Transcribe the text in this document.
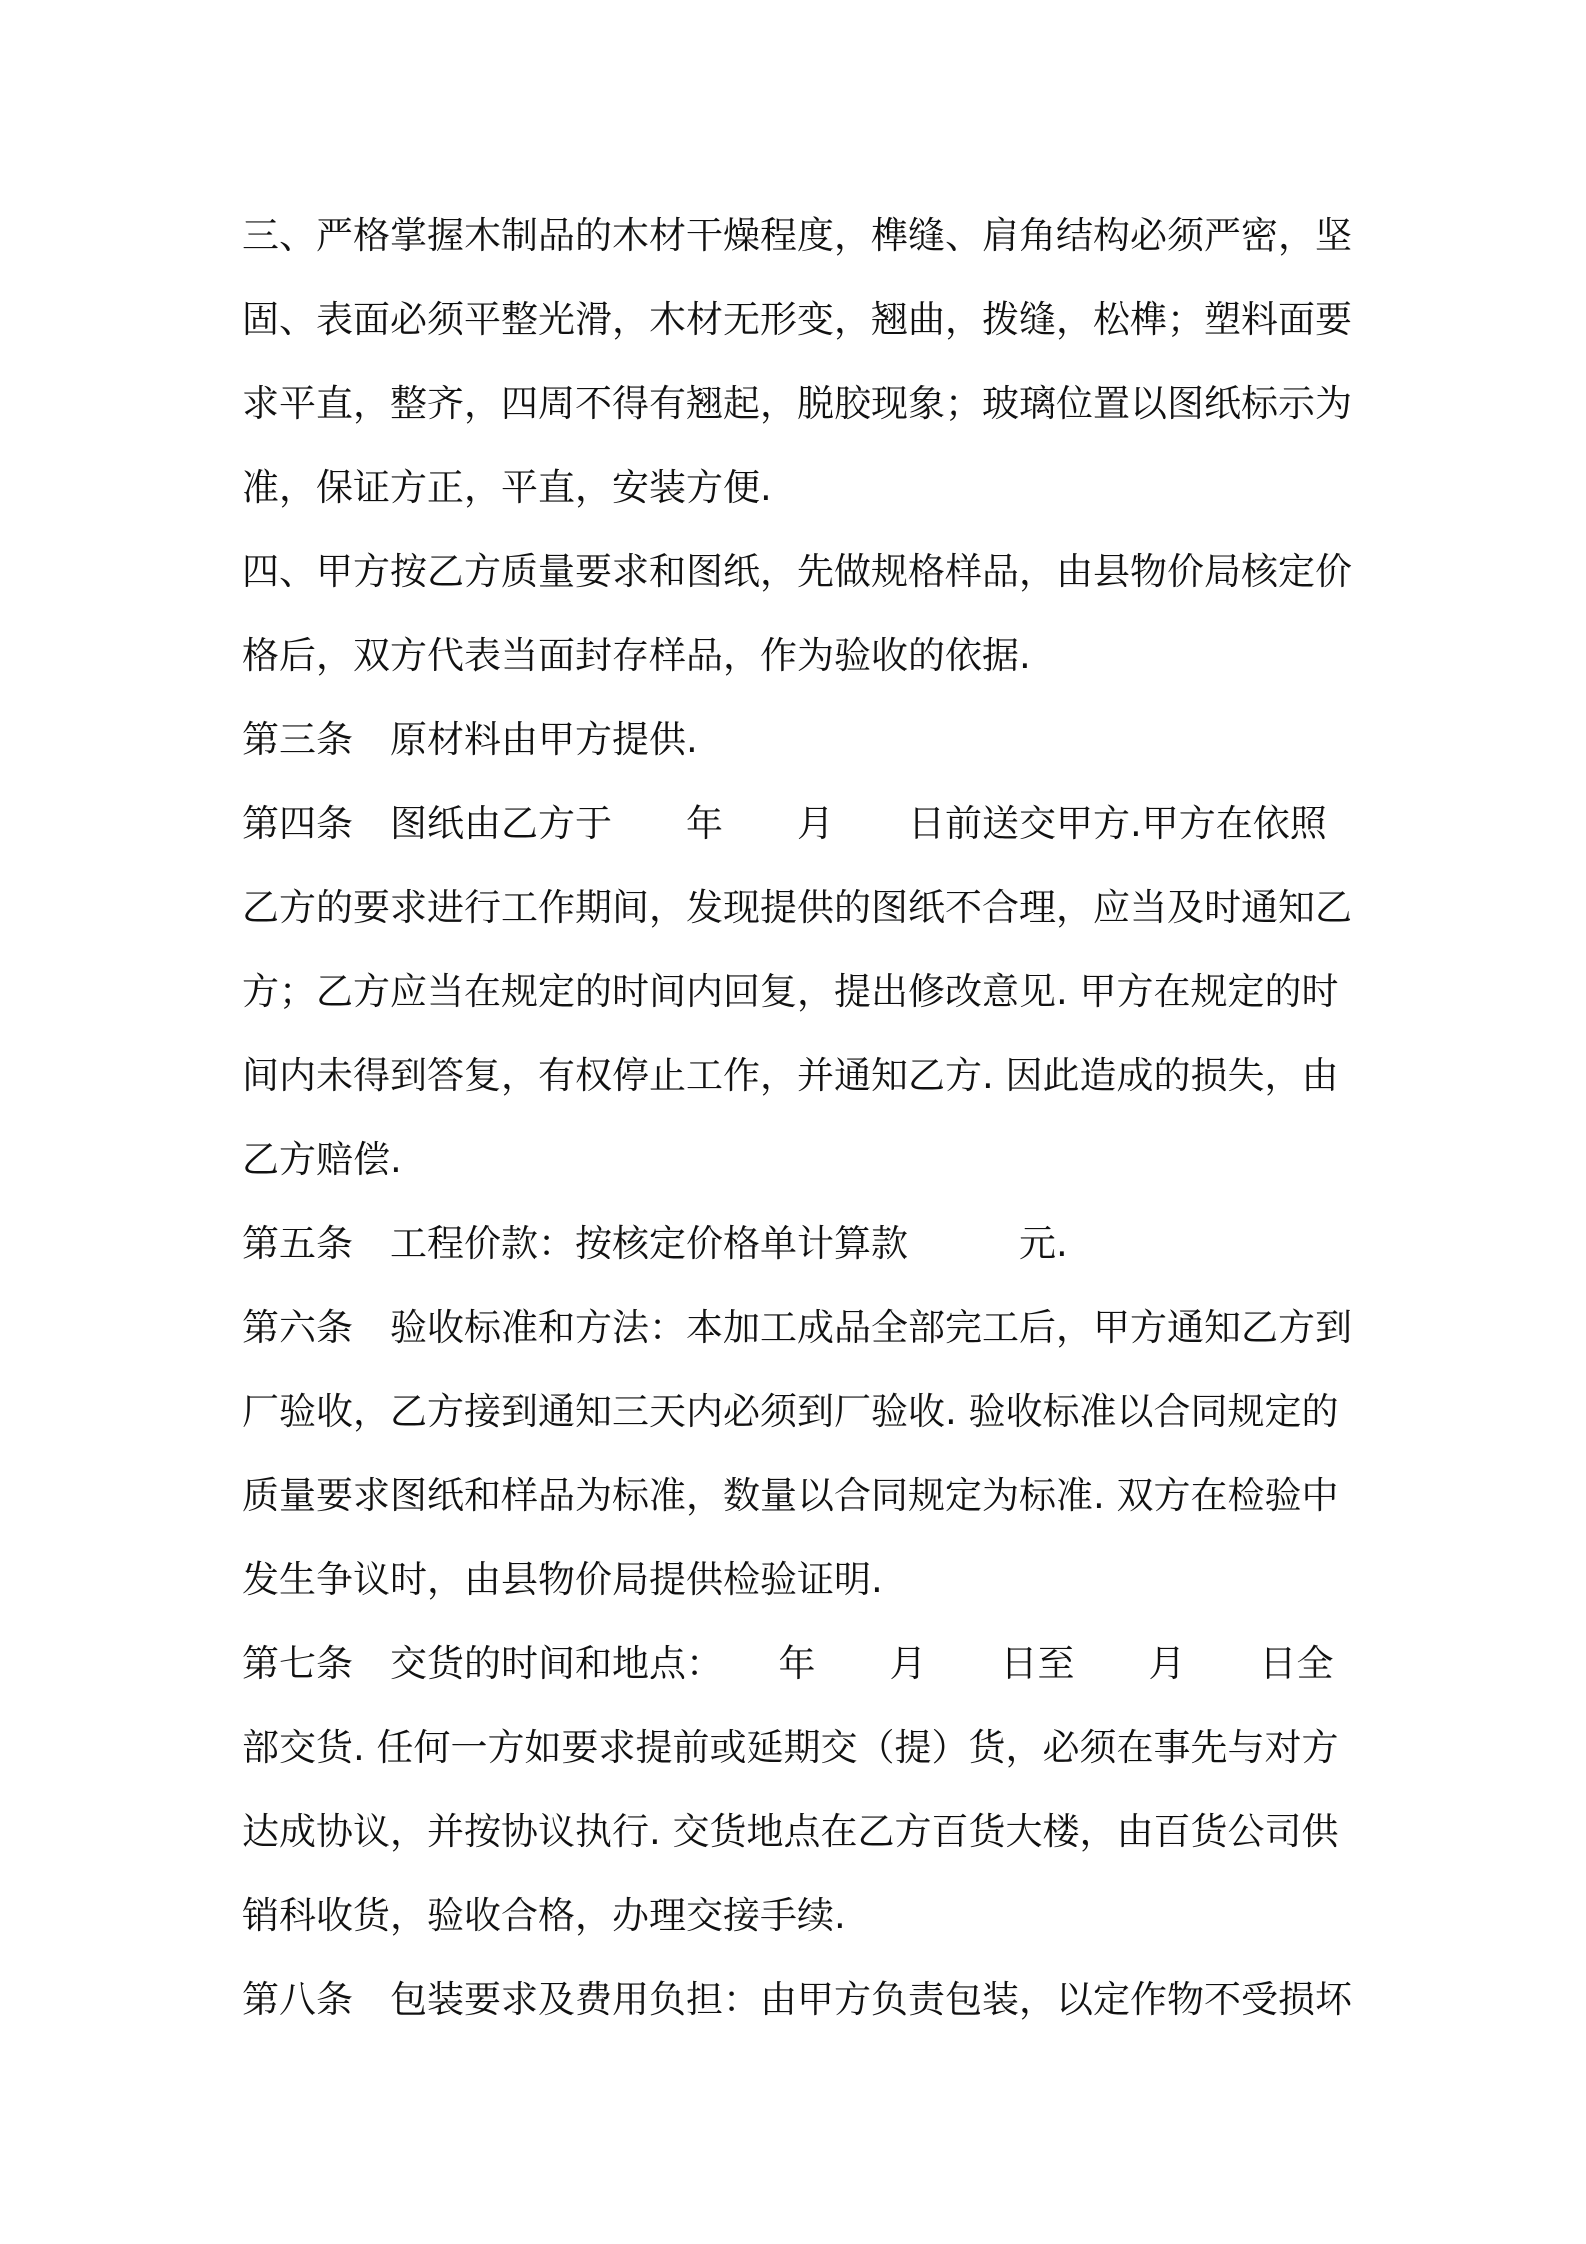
三、严格掌握木制品的木材干燥程度，榫缝、肩角结构必须严密，坚
固、表面必须平整光滑，木材无形变，翘曲，拨缝，松榫；塑料面要
求平直，整齐，四周不得有翘起，脱胶现象；玻璃位置以图纸标示为
准，保证方正，平直，安装方便.
四、甲方按乙方质量要求和图纸，先做规格样品，由县物价局核定价
格后，双方代表当面封存样品，作为验收的依据.
第三条　原材料由甲方提供.
第四条　图纸由乙方于　　年　　月　　日前送交甲方.甲方在依照
乙方的要求进行工作期间，发现提供的图纸不合理，应当及时通知乙
方；乙方应当在规定的时间内回复，提出修改意见. 甲方在规定的时
间内未得到答复，有权停止工作，并通知乙方. 因此造成的损失，由
乙方赔偿.
第五条　工程价款：按核定价格单计算款　　　元.
第六条　验收标准和方法：本加工成品全部完工后，甲方通知乙方到
厂验收，乙方接到通知三天内必须到厂验收. 验收标准以合同规定的
质量要求图纸和样品为标准，数量以合同规定为标准. 双方在检验中
发生争议时，由县物价局提供检验证明.
第七条　交货的时间和地点：　　年　　月　　日至　　月　　日全
部交货. 任何一方如要求提前或延期交（提）货，必须在事先与对方
达成协议，并按协议执行. 交货地点在乙方百货大楼，由百货公司供
销科收货，验收合格，办理交接手续.
第八条　包装要求及费用负担：由甲方负责包装，以定作物不受损坏
